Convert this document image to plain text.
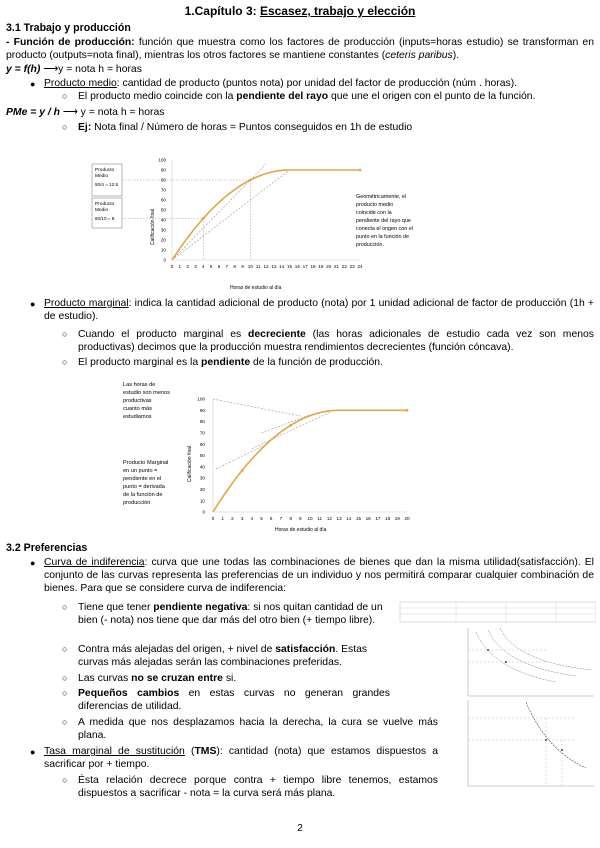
1.Capítulo 3: Escasez, trabajo y elección
3.1 Trabajo y producción
- Función de producción: función que muestra como los factores de producción (inputs=horas estudio) se transforman en producto (outputs=nota final), mientras los otros factores se mantiene constantes (ceteris paribus).
y = f(h) ⟶y = nota h = horas
● Producto medio: cantidad de producto (puntos nota) por unidad del factor de producción (núm . horas).
○ El producto medio coincide con la pendiente del rayo que une el origen con el punto de la función.
PMe = y / h ⟶ y = nota h = horas
○ Ej: Nota final / Número de horas = Puntos conseguidos en 1h de estudio
Producto
Medio
50/4 = 12.5
Producto
Medio
80/10 = 8	Calificación final
0
10
20
30
40
50
60
70
80
90
100
0 1 2 3 4 5 6 7 8 9 10 11 12 13 14 15 16 17 18 19 20 21 22 23 24
Horas de estudio al día
Geométricamente, el
producto medio
coincide con la
pendiente del rayo que
conecta el origen con el
punto en la función de
producción.
● Producto marginal: indica la cantidad adicional de producto (nota) por 1 unidad adicional de factor de producción (1h + de estudio).
○ Cuando el producto marginal es decreciente (las horas adicionales de estudio cada vez son menos productivas) decimos que la producción muestra rendimientos decrecientes (función cóncava).
○ El producto marginal es la pendiente de la función de producción.
Las horas de
estudio son menos
productivas
cuanto más
estudiamos
Producto Marginal
en un punto =
pendiente en el
punto = derivada
de la función de
producción
Calificación final
0
10
20
30
40
50
60
70
80
90
100
0 1 2 3 4 5 6 7 8 9 10 11 12 13 14 15 16 17 18 19 20
Horas de estudio al día
3.2 Preferencias
● Curva de indiferencia: curva que une todas las combinaciones de bienes que dan la misma utilidad(satisfacción). El conjunto de las curvas representa las preferencias de un individuo y nos permitirá comparar cualquier combinación de bienes. Para que se considere curva de indiferencia:
○ Tiene que tener pendiente negativa: si nos quitan cantidad de un bien (- nota) nos tiene que dar más del otro bien (+ tiempo libre).
○ Contra más alejadas del origen, + nivel de satisfacción. Estas curvas más alejadas serán las combinaciones preferidas.
○ Las curvas no se cruzan entre si.
○ Pequeños cambios en estas curvas no generan grandes diferencias de utilidad.
○ A medida que nos desplazamos hacia la derecha, la cura se vuelve más plana.
● Tasa marginal de sustitución (TMS): cantidad (nota) que estamos dispuestos a sacrificar por + tiempo.
○ Ésta relación decrece porque contra + tiempo libre tenemos, estamos dispuestos a sacrificar - nota = la curva será más plana.
2
